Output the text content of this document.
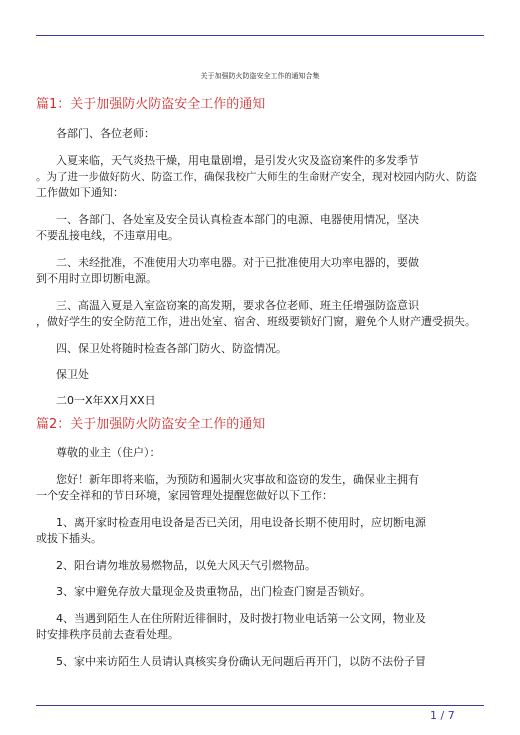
关于加强防火防盗安全工作的通知合集
篇1：关于加强防火防盗安全工作的通知
各部门、各位老师：
入夏来临，天气炎热干燥，用电量剧增，是引发火灾及盗窃案件的多发季节
。为了进一步做好防火、防盗工作，确保我校广大师生的生命财产安全，现对校园内防火、防盗
工作做如下通知：
一、各部门、各处室及安全员认真检查本部门的电源、电器使用情况，坚决
不要乱接电线，不违章用电。
二、未经批准，不准使用大功率电器。对于已批准使用大功率电器的，要做
到不用时立即切断电源。
三、高温入夏是入室盗窃案的高发期，要求各位老师、班主任增强防盗意识
，做好学生的安全防范工作，进出处室、宿舍、班级要锁好门窗，避免个人财产遭受损失。
四、保卫处将随时检查各部门防火、防盗情况。
保卫处
二0一X年XX月XX日
篇2：关于加强防火防盗安全工作的通知
尊敬的业主（住户）：
您好！新年即将来临，为预防和遏制火灾事故和盗窃的发生，确保业主拥有
一个安全祥和的节日环境，家园管理处提醒您做好以下工作：
1、离开家时检查用电设备是否已关闭，用电设备长期不使用时，应切断电源
或拔下插头。
2、阳台请勿堆放易燃物品，以免大风天气引燃物品。
3、家中避免存放大量现金及贵重物品，出门检查门窗是否锁好。
4、当遇到陌生人在住所附近徘徊时，及时拨打物业电话第一公文网，物业及
时安排秩序员前去查看处理。
5、家中来访陌生人员请认真核实身份确认无问题后再开门，以防不法份子冒
1 / 7
